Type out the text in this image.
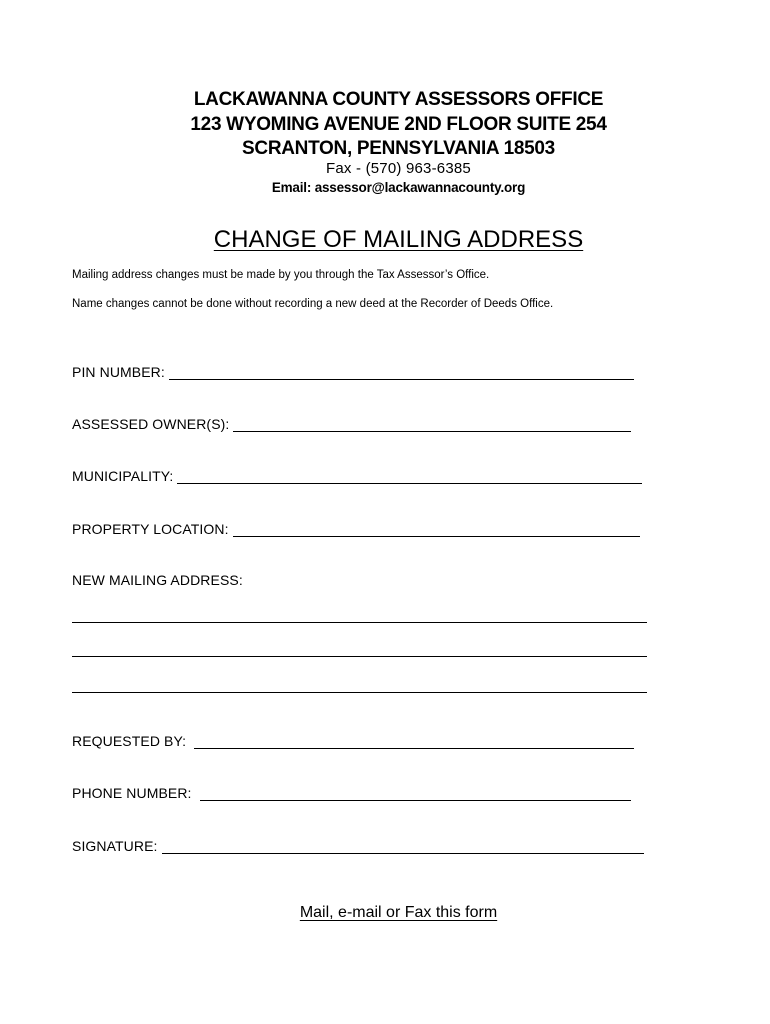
LACKAWANNA COUNTY ASSESSORS OFFICE
123 WYOMING AVENUE 2ND FLOOR SUITE 254
SCRANTON, PENNSYLVANIA 18503
Fax - (570) 963-6385
Email: assessor@lackawannacounty.org
CHANGE OF MAILING ADDRESS
Mailing address changes must be made by you through the Tax Assessor’s Office.
Name changes cannot be done without recording a new deed at the Recorder of Deeds Office.
PIN NUMBER:
ASSESSED OWNER(S):
MUNICIPALITY:
PROPERTY LOCATION:
NEW MAILING ADDRESS:
REQUESTED BY:
PHONE NUMBER:
SIGNATURE:
Mail, e-mail or Fax this form
